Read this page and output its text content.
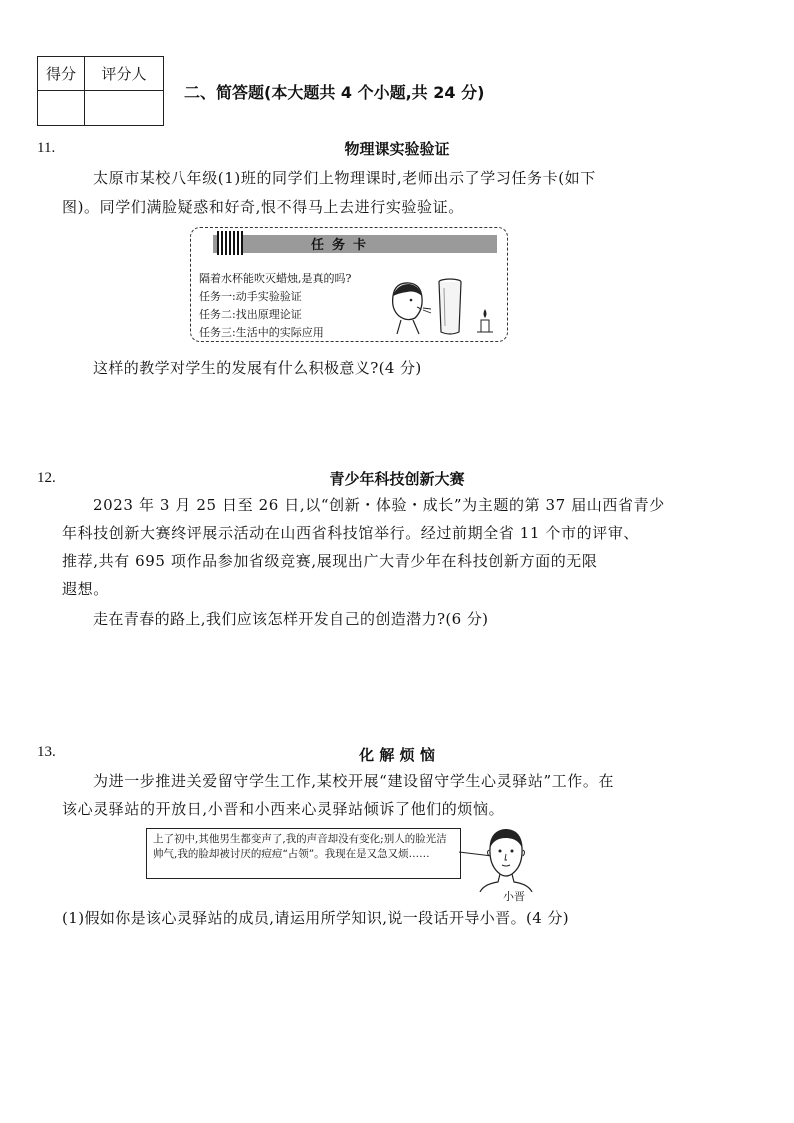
得分	评分人

二、简答题(本大题共 4 个小题,共 24 分)
11.	物理课实验验证
太原市某校八年级(1)班的同学们上物理课时,老师出示了学习任务卡(如下
图)。同学们满脸疑惑和好奇,恨不得马上去进行实验验证。
任务卡
隔着水杯能吹灭蜡烛,是真的吗?
任务一:动手实验验证
任务二:找出原理论证
任务三:生活中的实际应用
这样的教学对学生的发展有什么积极意义?(4 分)
12.	青少年科技创新大赛
2023 年 3 月 25 日至 26 日,以“创新・体验・成长”为主题的第 37 届山西省青少
年科技创新大赛终评展示活动在山西省科技馆举行。经过前期全省 11 个市的评审、
推荐,共有 695 项作品参加省级竞赛,展现出广大青少年在科技创新方面的无限
遐想。
走在青春的路上,我们应该怎样开发自己的创造潜力?(6 分)
13.	化 解 烦 恼
为进一步推进关爱留守学生工作,某校开展“建设留守学生心灵驿站”工作。在
该心灵驿站的开放日,小晋和小西来心灵驿站倾诉了他们的烦恼。
上了初中,其他男生都变声了,我的声音却没有变化;别人的脸光洁帅气,我的脸却被讨厌的痘痘“占领”。我现在是又急又烦……
小晋
(1)假如你是该心灵驿站的成员,请运用所学知识,说一段话开导小晋。(4 分)
